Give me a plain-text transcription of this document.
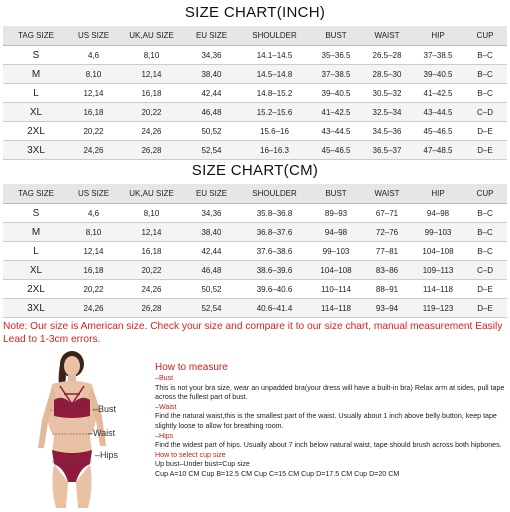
SIZE CHART(INCH)
TAG SIZE	US SIZE	UK,AU SIZE	EU SIZE	SHOULDER	BUST	WAIST	HIP	CUP
S	4,6	8,10	34,36	14.1–14.5	35–36.5	26.5–28	37–38.5	B–C
M	8,10	12,14	38,40	14.5–14.8	37–38.5	28.5–30	39–40.5	B–C
L	12,14	16,18	42,44	14.8–15.2	39–40.5	30.5–32	41–42.5	B–C
XL	16,18	20,22	46,48	15.2–15.6	41–42.5	32.5–34	43–44.5	C–D
2XL	20,22	24,26	50,52	15.6–16	43–44.5	34.5–36	45–46.5	D–E
3XL	24,26	26,28	52,54	16–16.3	45–46.5	36.5–37	47–48.5	D–E
SIZE CHART(CM)
TAG SIZE	US SIZE	UK,AU SIZE	EU SIZE	SHOULDER	BUST	WAIST	HIP	CUP
S	4,6	8,10	34,36	35.8–36.8	89–93	67–71	94–98	B–C
M	8,10	12,14	38,40	36.8–37.6	94–98	72–76	99–103	B–C
L	12,14	16,18	42,44	37.6–38.6	99–103	77–81	104–108	B–C
XL	16,18	20,22	46,48	38.6–39.6	104–108	83–86	109–113	C–D
2XL	20,22	24,26	50,52	39.6–40.6	110–114	88–91	114–118	D–E
3XL	24,26	26,28	52,54	40.6–41.4	114–118	93–94	119–123	D–E
Note: Our size is American size. Check your size and compare it to our size chart, manual measurement Easily Lead to 1-3cm errors.
–Bust
–Waist
–Hips

How to measure

–Bust

This is not your bra size, wear an unpadded bra(your dress will have a built-in bra) Relax arm at sides, pull tape across the fullest part of bust.

–Waist

Find the natural waist,this is the smallest part of the waist. Usually about 1 inch above belly button, keep tape slightly loose to allow for breathing room.

–Hips

Find the widest part of hips. Usually about 7 inch below natural waist, tape should brush across both hipbones.

How to select cup size

Up bust–Under bust=Cup size

Cup A=10 CM Cup B=12.5 CM Cup C=15 CM Cup D=17.5 CM Cup D=20 CM
